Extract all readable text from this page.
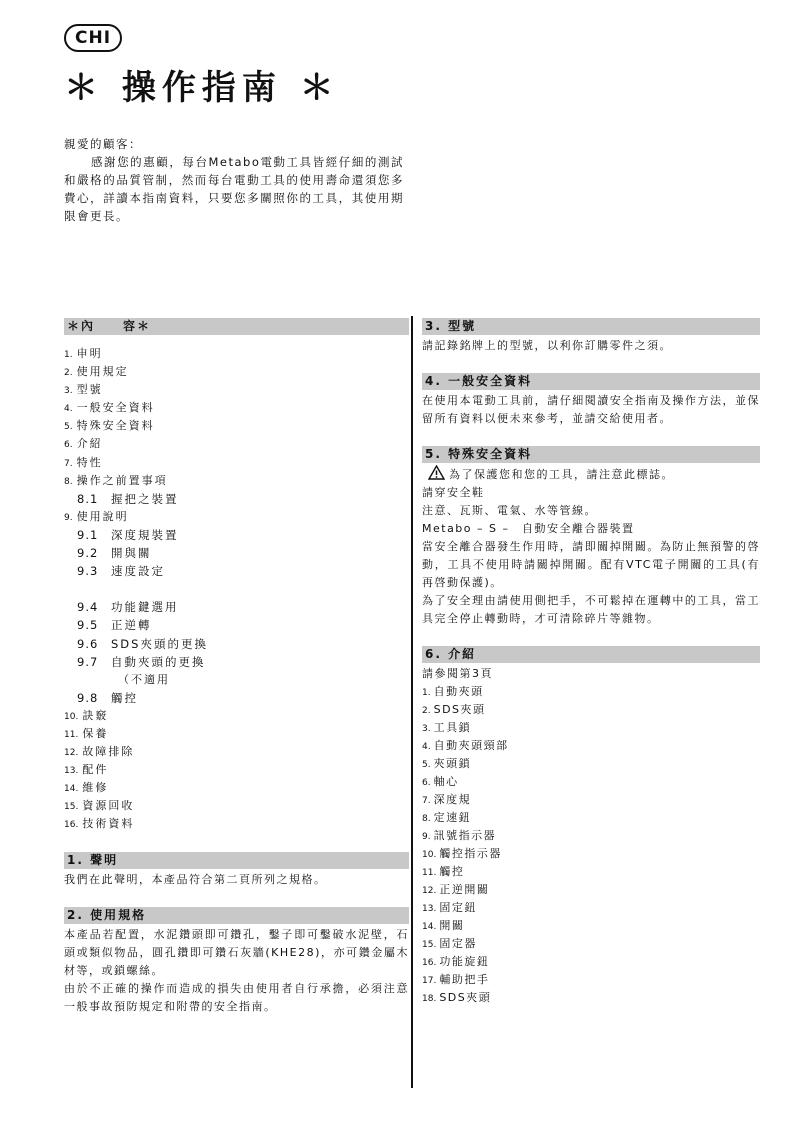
CHI
＊ 操作指南 ＊

親愛的顧客：

感謝您的惠顧，每台Metabo電動工具皆經仔細的測試和嚴格的品質管制，然而每台電動工具的使用壽命還須您多費心，詳讀本指南資料，只要您多關照你的工具，其使用期限會更長。

＊內　　容＊
1. 申明
2. 使用規定
3. 型號
4. 一般安全資料
5. 特殊安全資料
6. 介紹
7. 特性
8. 操作之前置事項
8.1 握把之裝置
9. 使用說明
9.1 深度規裝置
9.2 開與關
9.3 速度設定
9.4 功能鍵選用
9.5 正逆轉
9.6 SDS夾頭的更換
9.7 自動夾頭的更換
（不適用
9.8 觸控
10. 訣竅
11. 保養
12. 故障排除
13. 配件
14. 維修
15. 資源回收
16. 技術資料
1. 聲明

我們在此聲明，本產品符合第二頁所列之規格。

2. 使用規格

本產品若配置，水泥鑽頭即可鑽孔，鑿子即可鑿破水泥壁，石頭或類似物品，圓孔鑽即可鑽石灰牆(KHE28)，亦可鑽金屬木材等，或鎖螺絲。

由於不正確的操作而造成的損失由使用者自行承擔，必須注意一般事故預防規定和附帶的安全指南。

3. 型號

請記錄銘牌上的型號，以利你訂購零件之須。

4. 一般安全資料

在使用本電動工具前，請仔細閱讀安全指南及操作方法，並保留所有資料以便未來參考，並請交給使用者。

5. 特殊安全資料

為了保護您和您的工具，請注意此標誌。

請穿安全鞋

注意、瓦斯、電氣、水等管線。

Metabo – S –　自動安全離合器裝置

當安全離合器發生作用時，請即關掉開關。為防止無預警的啓動，工具不使用時請關掉開關。配有VTC電子開關的工具(有再啓動保護)。

為了安全理由請使用側把手，不可鬆掉在運轉中的工具，當工具完全停止轉動時，才可清除碎片等雜物。

6. 介紹

請參閱第3頁

1. 自動夾頭
2. SDS夾頭
3. 工具鎖
4. 自動夾頭頸部
5. 夾頭鎖
6. 軸心
7. 深度規
8. 定速鈕
9. 訊號指示器
10. 觸控指示器
11. 觸控
12. 正逆開關
13. 固定鈕
14. 開關
15. 固定器
16. 功能旋鈕
17. 輔助把手
18. SDS夾頭
